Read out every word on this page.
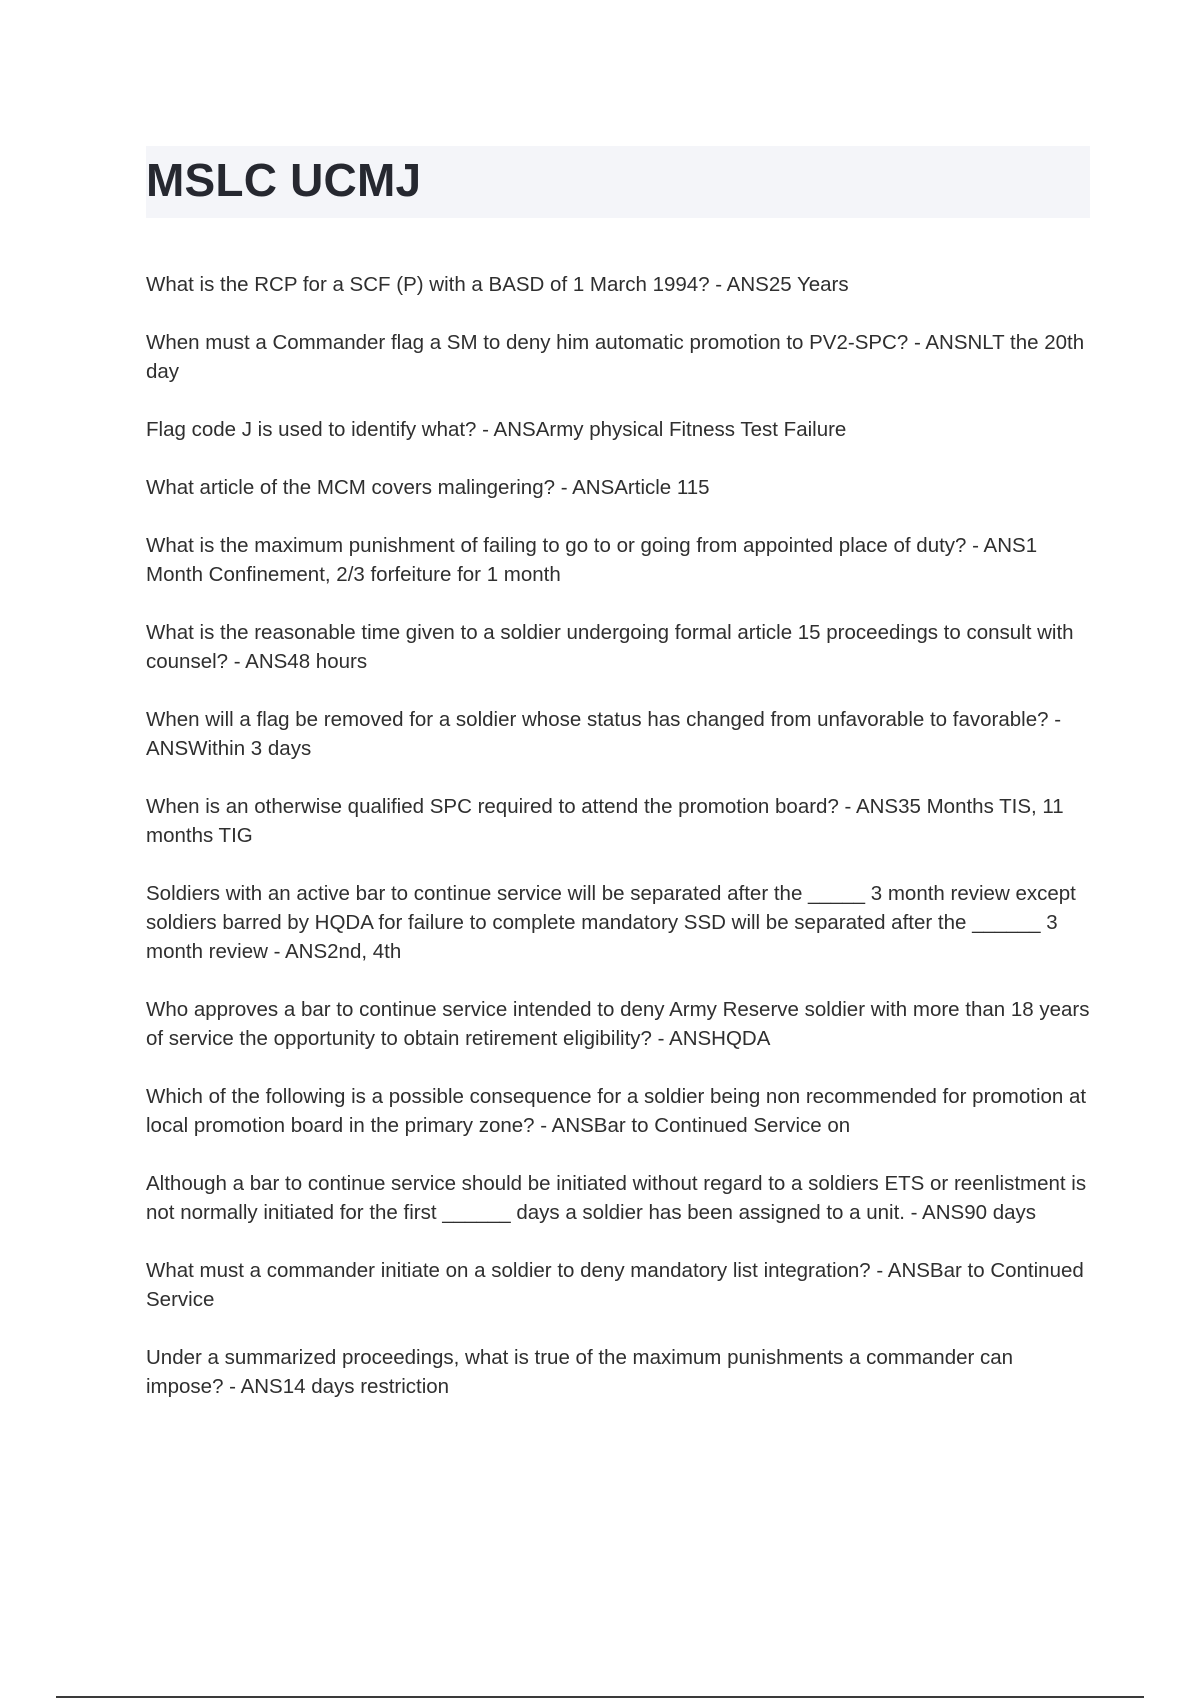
MSLC UCMJ
What is the RCP for a SCF (P) with a BASD of 1 March 1994? - ANS25 Years
When must a Commander flag a SM to deny him automatic promotion to PV2-SPC? - ANSNLT the 20th day
Flag code J is used to identify what? - ANSArmy physical Fitness Test Failure
What article of the MCM covers malingering? - ANSArticle 115
What is the maximum punishment of failing to go to or going from appointed place of duty? - ANS1 Month Confinement, 2/3 forfeiture for 1 month
What is the reasonable time given to a soldier undergoing formal article 15 proceedings to consult with counsel? - ANS48 hours
When will a flag be removed for a soldier whose status has changed from unfavorable to favorable? - ANSWithin 3 days
When is an otherwise qualified SPC required to attend the promotion board? - ANS35 Months TIS, 11 months TIG
Soldiers with an active bar to continue service will be separated after the _____ 3 month review except soldiers barred by HQDA for failure to complete mandatory SSD will be separated after the ______ 3 month review - ANS2nd, 4th
Who approves a bar to continue service intended to deny Army Reserve soldier with more than 18 years of service the opportunity to obtain retirement eligibility? - ANSHQDA
Which of the following is a possible consequence for a soldier being non recommended for promotion at local promotion board in the primary zone? - ANSBar to Continued Service on
Although a bar to continue service should be initiated without regard to a soldiers ETS or reenlistment is not normally initiated for the first ______ days a soldier has been assigned to a unit. - ANS90 days
What must a commander initiate on a soldier to deny mandatory list integration? - ANSBar to Continued Service
Under a summarized proceedings, what is true of the maximum punishments a commander can impose? - ANS14 days restriction
